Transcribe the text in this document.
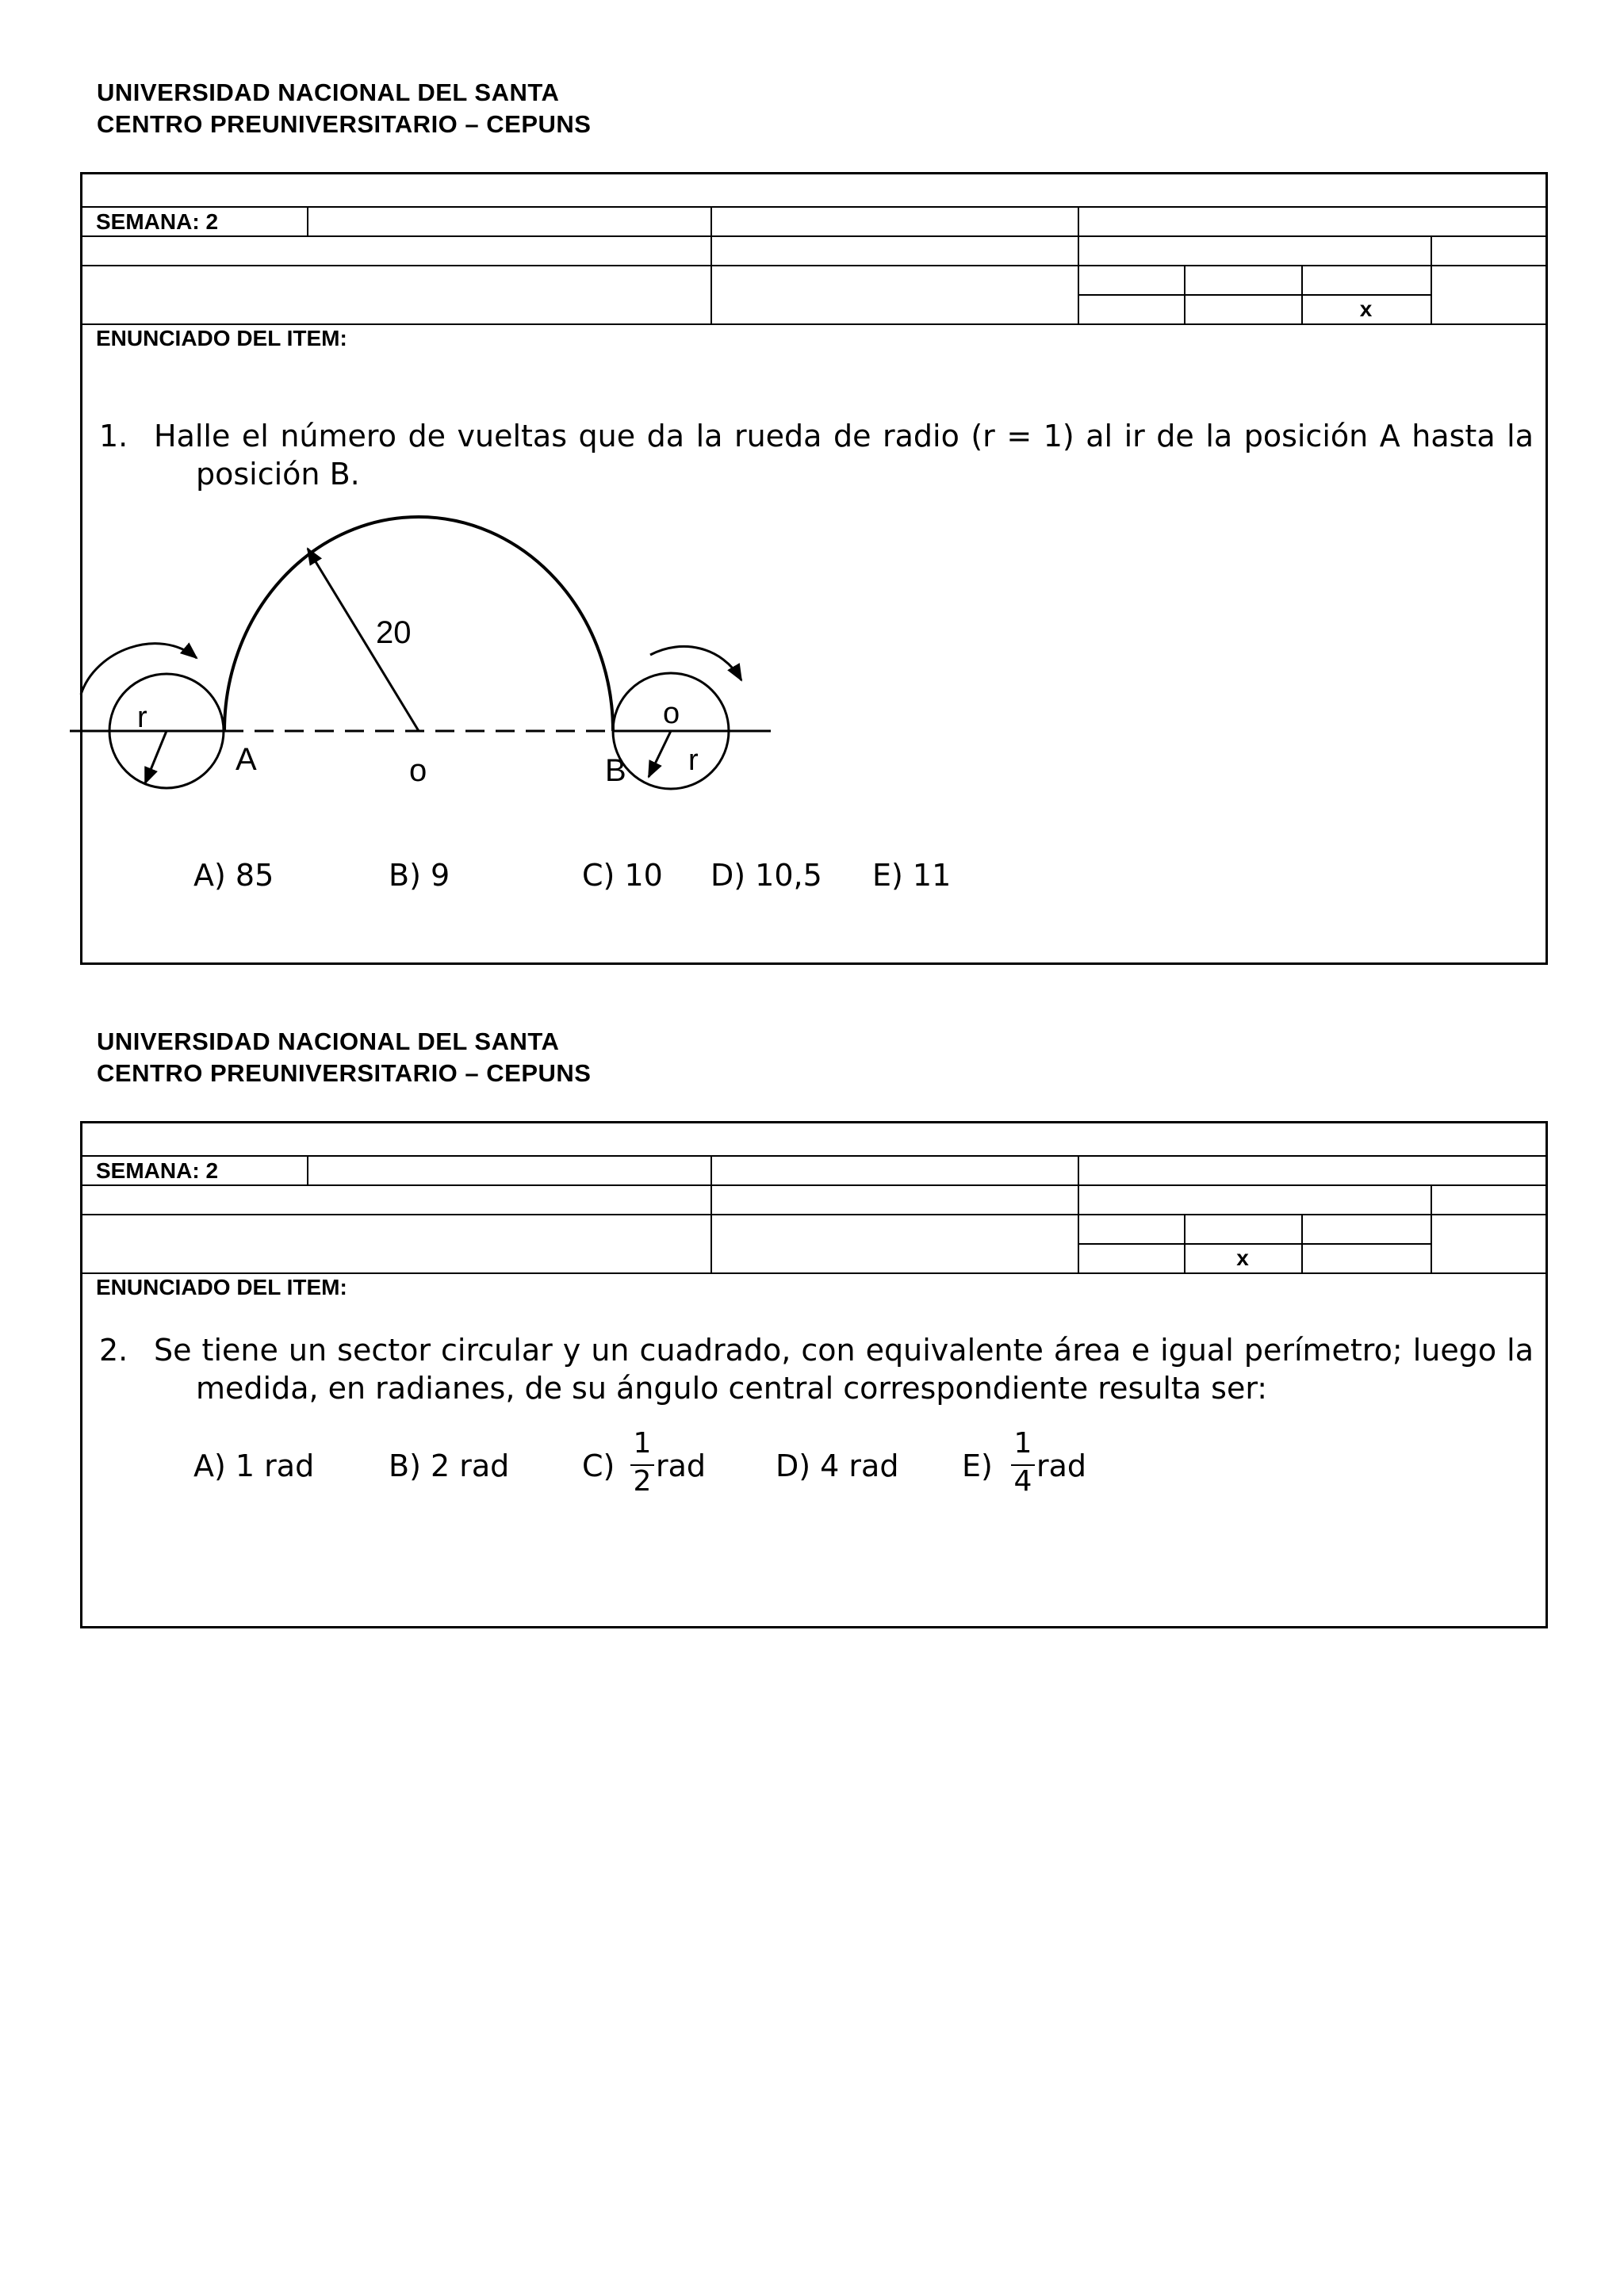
UNIVERSIDAD NACIONAL DEL SANTA
CENTRO PREUNIVERSITARIO – CEPUNS
SEMANA: 2
x
ENUNCIADO DEL ITEM:
1. Halle el número de vueltas que da la rueda de radio (r = 1) al ir de la posición A hasta la
posición B.
A) 85	B) 9	C) 10 D) 10,5 E) 11
20
r
A	o	B
o
r
UNIVERSIDAD NACIONAL DEL SANTA
CENTRO PREUNIVERSITARIO – CEPUNS
SEMANA: 2
x
ENUNCIADO DEL ITEM:
2. Se tiene un sector circular y un cuadrado, con equivalente área e igual perímetro; luego la
medida, en radianes, de su ángulo central correspondiente resulta ser:
A) 1 rad B) 2 rad C)
1
2 rad D) 4 rad E)
1
4 rad
